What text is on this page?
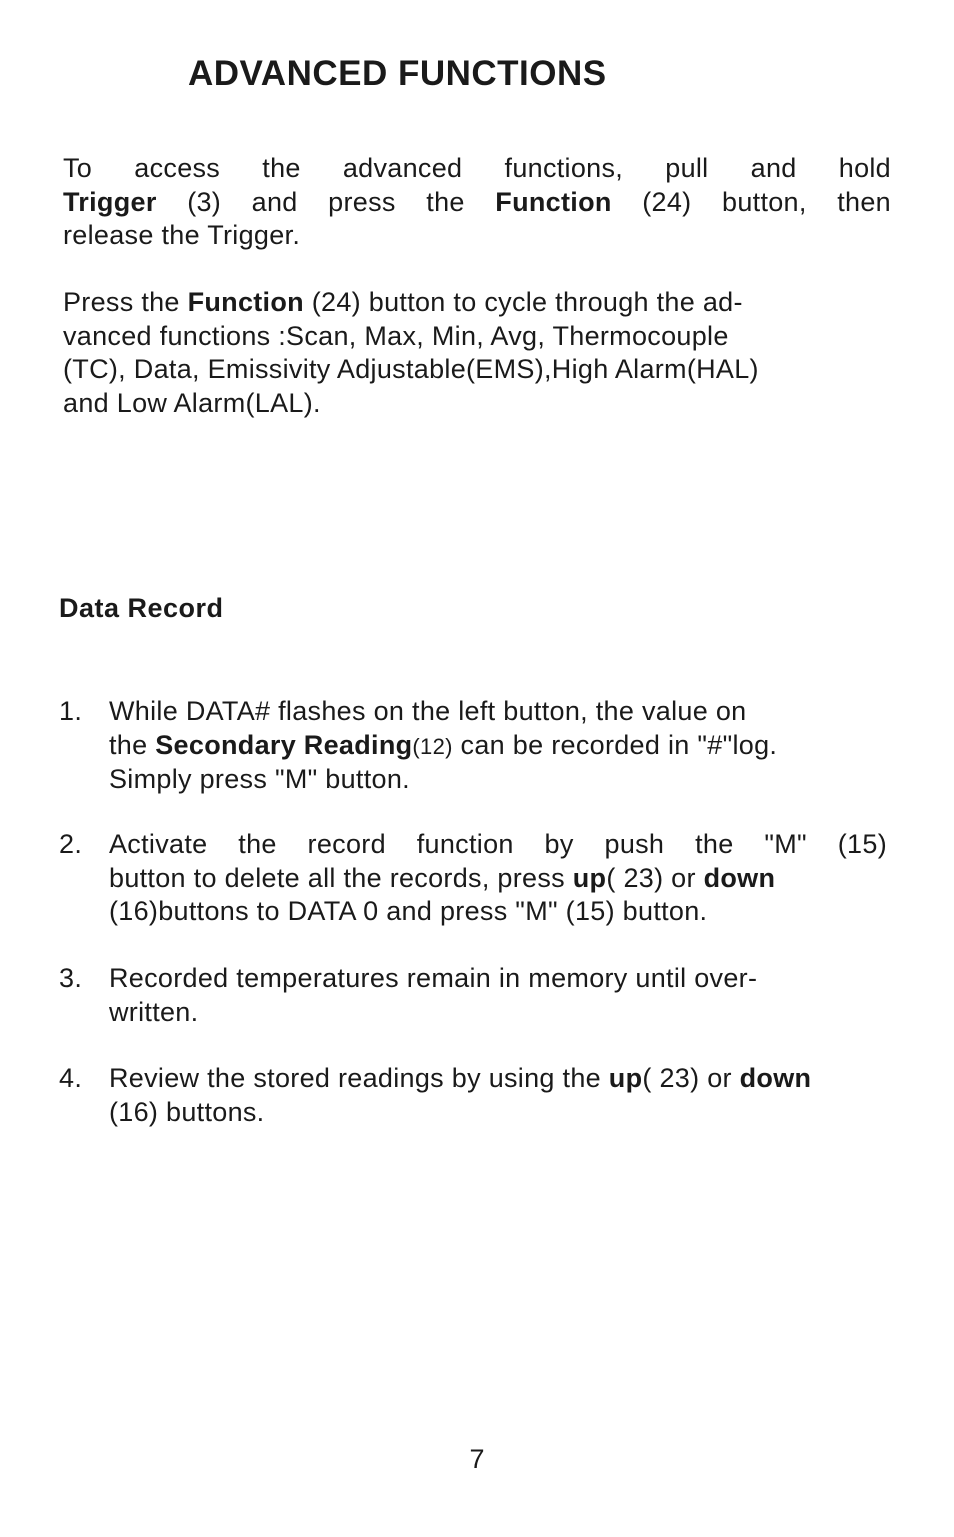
ADVANCED FUNCTIONS
To access the advanced functions, pull and hold
Trigger (3) and press the Function (24) button, then
release the Trigger.
Press the Function (24) button to cycle through the ad-
vanced functions :Scan, Max, Min, Avg, Thermocouple
(TC), Data, Emissivity Adjustable(EMS),High Alarm(HAL)
and Low Alarm(LAL).
Data Record
1. While DATA# flashes on the left button, the value on
the Secondary Reading(12) can be recorded in "#"log.
Simply press "M" button.
2. Activate the record function by push the "M" (15)
button to delete all the records, press up( 23) or down
(16)buttons to DATA 0 and press "M" (15) button.
3. Recorded temperatures remain in memory until over-
written.
4. Review the stored readings by using the up( 23) or down
(16) buttons.
7
